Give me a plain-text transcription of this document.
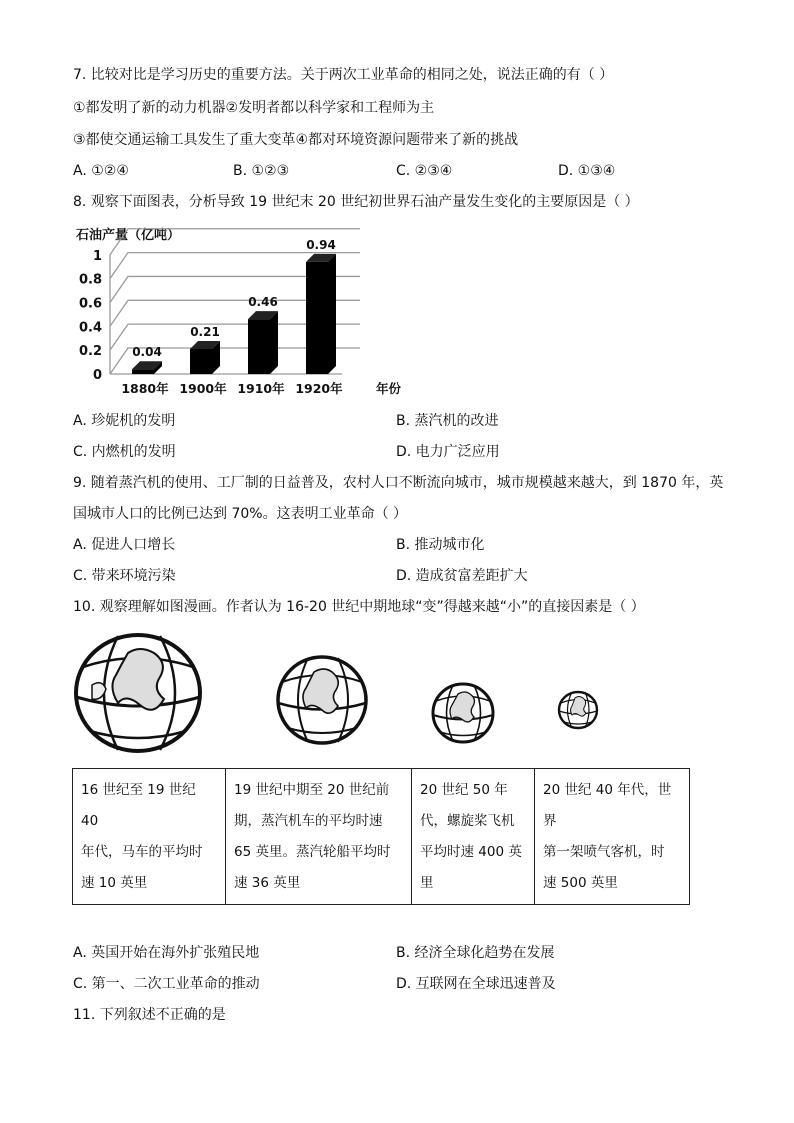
7. 比较对比是学习历史的重要方法。关于两次工业革命的相同之处，说法正确的有（ ）
①都发明了新的动力机器②发明者都以科学家和工程师为主
③都使交通运输工具发生了重大变革④都对环境资源问题带来了新的挑战
A. ①②④	B. ①②③	C. ②③④	D. ①③④
8. 观察下面图表，分析导致 19 世纪末 20 世纪初世界石油产量发生变化的主要原因是（ ）
石油产量（亿吨）
0
0.2
0.4
0.6
0.8
1
0.04
0.21
0.46
0.94
1880年 1900年 1910年 1920年	年份
A. 珍妮机的发明	B. 蒸汽机的改进
C. 内燃机的发明	D. 电力广泛应用
9. 随着蒸汽机的使用、工厂制的日益普及，农村人口不断流向城市，城市规模越来越大，到 1870 年，英
国城市人口的比例已达到 70%。这表明工业革命（ ）
A. 促进人口增长	B. 推动城市化
C. 带来环境污染	D. 造成贫富差距扩大
10. 观察理解如图漫画。作者认为 16-20 世纪中期地球“变”得越来越“小”的直接因素是（ ）
16 世纪至 19 世纪 40
年代，马车的平均时
速 10 英里

19 世纪中期至 20 世纪前
期，蒸汽机车的平均时速
65 英里。蒸汽轮船平均时
速 36 英里

20 世纪 50 年
代，螺旋桨飞机
平均时速 400 英
里

20 世纪 40 年代，世界
第一架喷气客机，时
速 500 英里
A. 英国开始在海外扩张殖民地	B. 经济全球化趋势在发展
C. 第一、二次工业革命的推动	D. 互联网在全球迅速普及
11. 下列叙述不正确的是
